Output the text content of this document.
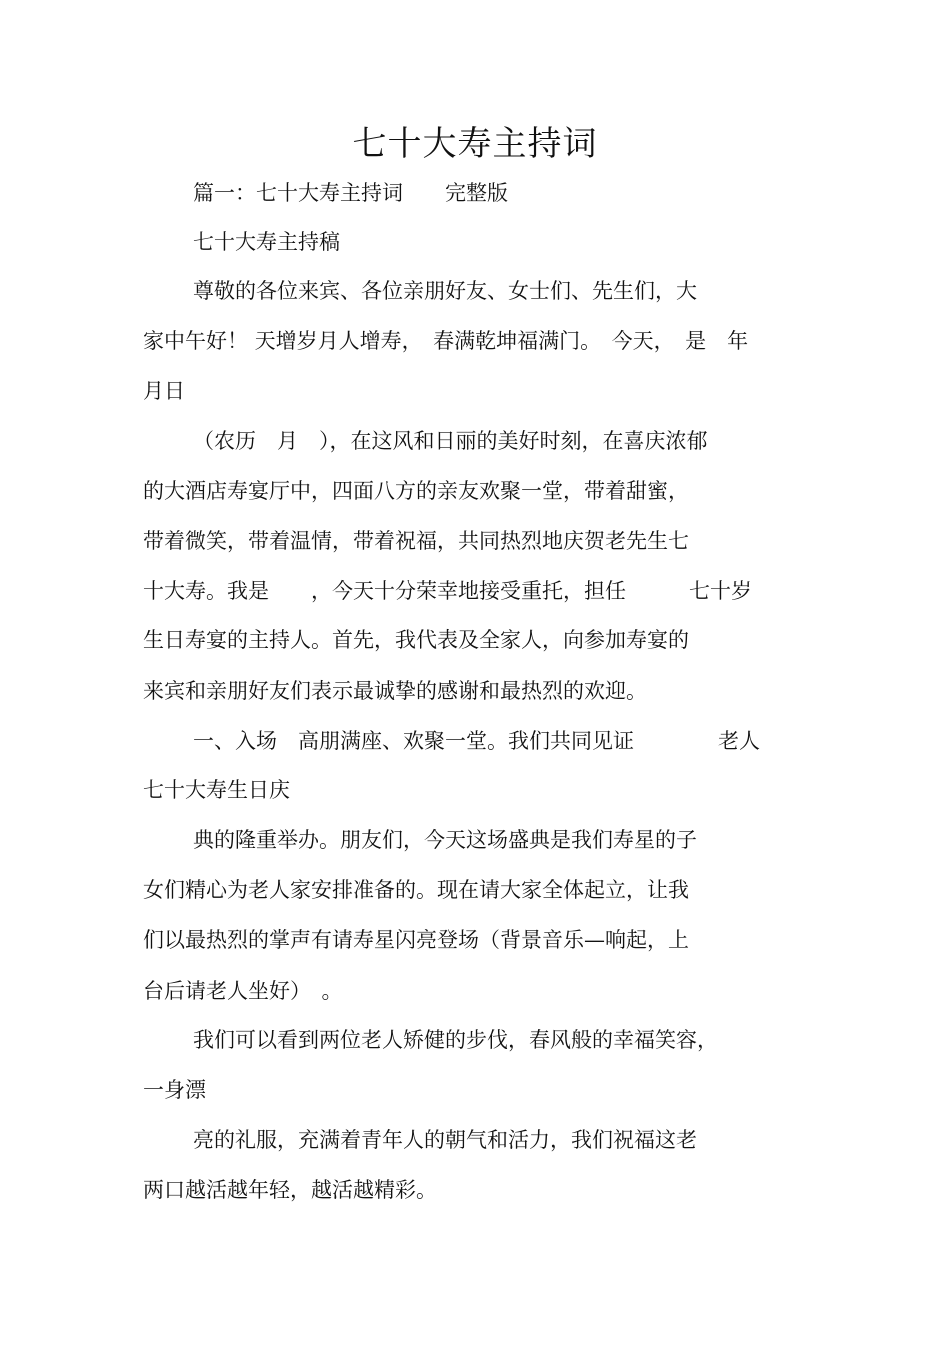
七十大寿主持词
篇一：七十大寿主持词　　完整版
七十大寿主持稿
尊敬的各位来宾、各位亲朋好友、女士们、先生们，大
家中午好！ 天增岁月人增寿，　春满乾坤福满门。　今天，　是　年
月日
（农历　月　），在这风和日丽的美好时刻，在喜庆浓郁
的大酒店寿宴厅中，四面八方的亲友欢聚一堂，带着甜蜜，
带着微笑，带着温情，带着祝福，共同热烈地庆贺老先生七
十大寿。我是　　，今天十分荣幸地接受重托，担任　　　七十岁
生日寿宴的主持人。首先，我代表及全家人，向参加寿宴的
来宾和亲朋好友们表示最诚挚的感谢和最热烈的欢迎。
一、入场　高朋满座、欢聚一堂。我们共同见证　　　　老人
七十大寿生日庆
典的隆重举办。朋友们，今天这场盛典是我们寿星的子
女们精心为老人家安排准备的。现在请大家全体起立，让我
们以最热烈的掌声有请寿星闪亮登场（背景音乐—响起，上
台后请老人坐好）　。
我们可以看到两位老人矫健的步伐，春风般的幸福笑容，
一身漂
亮的礼服，充满着青年人的朝气和活力，我们祝福这老
两口越活越年轻，越活越精彩。
